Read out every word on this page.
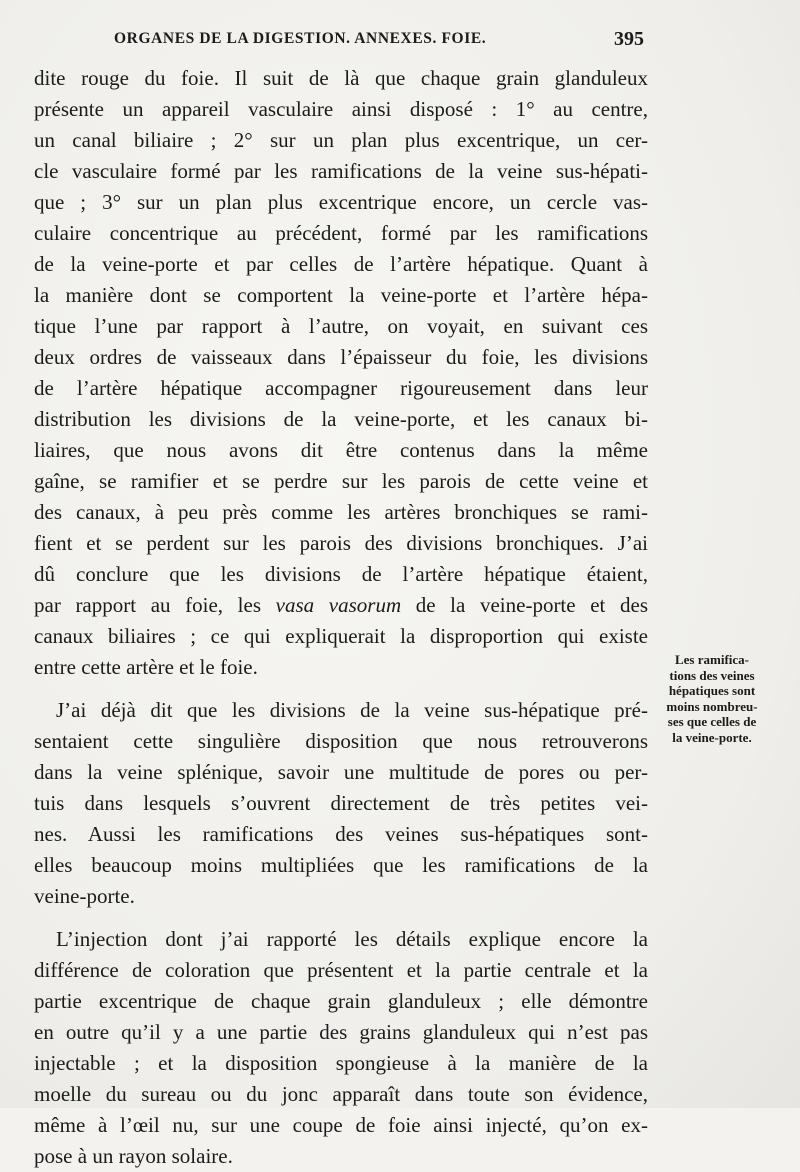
ORGANES DE LA DIGESTION. ANNEXES. FOIE.	395

dite rouge du foie. Il suit de là que chaque grain glanduleux
présente un appareil vasculaire ainsi disposé : 1° au centre,
un canal biliaire ; 2° sur un plan plus excentrique, un cer-
cle vasculaire formé par les ramifications de la veine sus-hépati-
que ; 3° sur un plan plus excentrique encore, un cercle vas-
culaire concentrique au précédent, formé par les ramifications
de la veine-porte et par celles de l’artère hépatique. Quant à
la manière dont se comportent la veine-porte et l’artère hépa-
tique l’une par rapport à l’autre, on voyait, en suivant ces
deux ordres de vaisseaux dans l’épaisseur du foie, les divisions
de l’artère hépatique accompagner rigoureusement dans leur
distribution les divisions de la veine-porte, et les canaux bi-
liaires, que nous avons dit être contenus dans la même
gaîne, se ramifier et se perdre sur les parois de cette veine et
des canaux, à peu près comme les artères bronchiques se rami-
fient et se perdent sur les parois des divisions bronchiques. J’ai
dû conclure que les divisions de l’artère hépatique étaient,
par rapport au foie, les vasa vasorum de la veine-porte et des
canaux biliaires ; ce qui expliquerait la disproportion qui existe
entre cette artère et le foie.

J’ai déjà dit que les divisions de la veine sus-hépatique pré-
sentaient cette singulière disposition que nous retrouverons
dans la veine splénique, savoir une multitude de pores ou per-
tuis dans lesquels s’ouvrent directement de très petites vei-
nes. Aussi les ramifications des veines sus-hépatiques sont-
elles beaucoup moins multipliées que les ramifications de la
veine-porte.

L’injection dont j’ai rapporté les détails explique encore la
différence de coloration que présentent et la partie centrale et la
partie excentrique de chaque grain glanduleux ; elle démontre
en outre qu’il y a une partie des grains glanduleux qui n’est pas
injectable ; et la disposition spongieuse à la manière de la
moelle du sureau ou du jonc apparaît dans toute son évidence,
même à l’œil nu, sur une coupe de foie ainsi injecté, qu’on ex-
pose à un rayon solaire.

Les ramifica-
tions des veines
hépatiques sont
moins nombreu-
ses que celles de
la veine-porte.
